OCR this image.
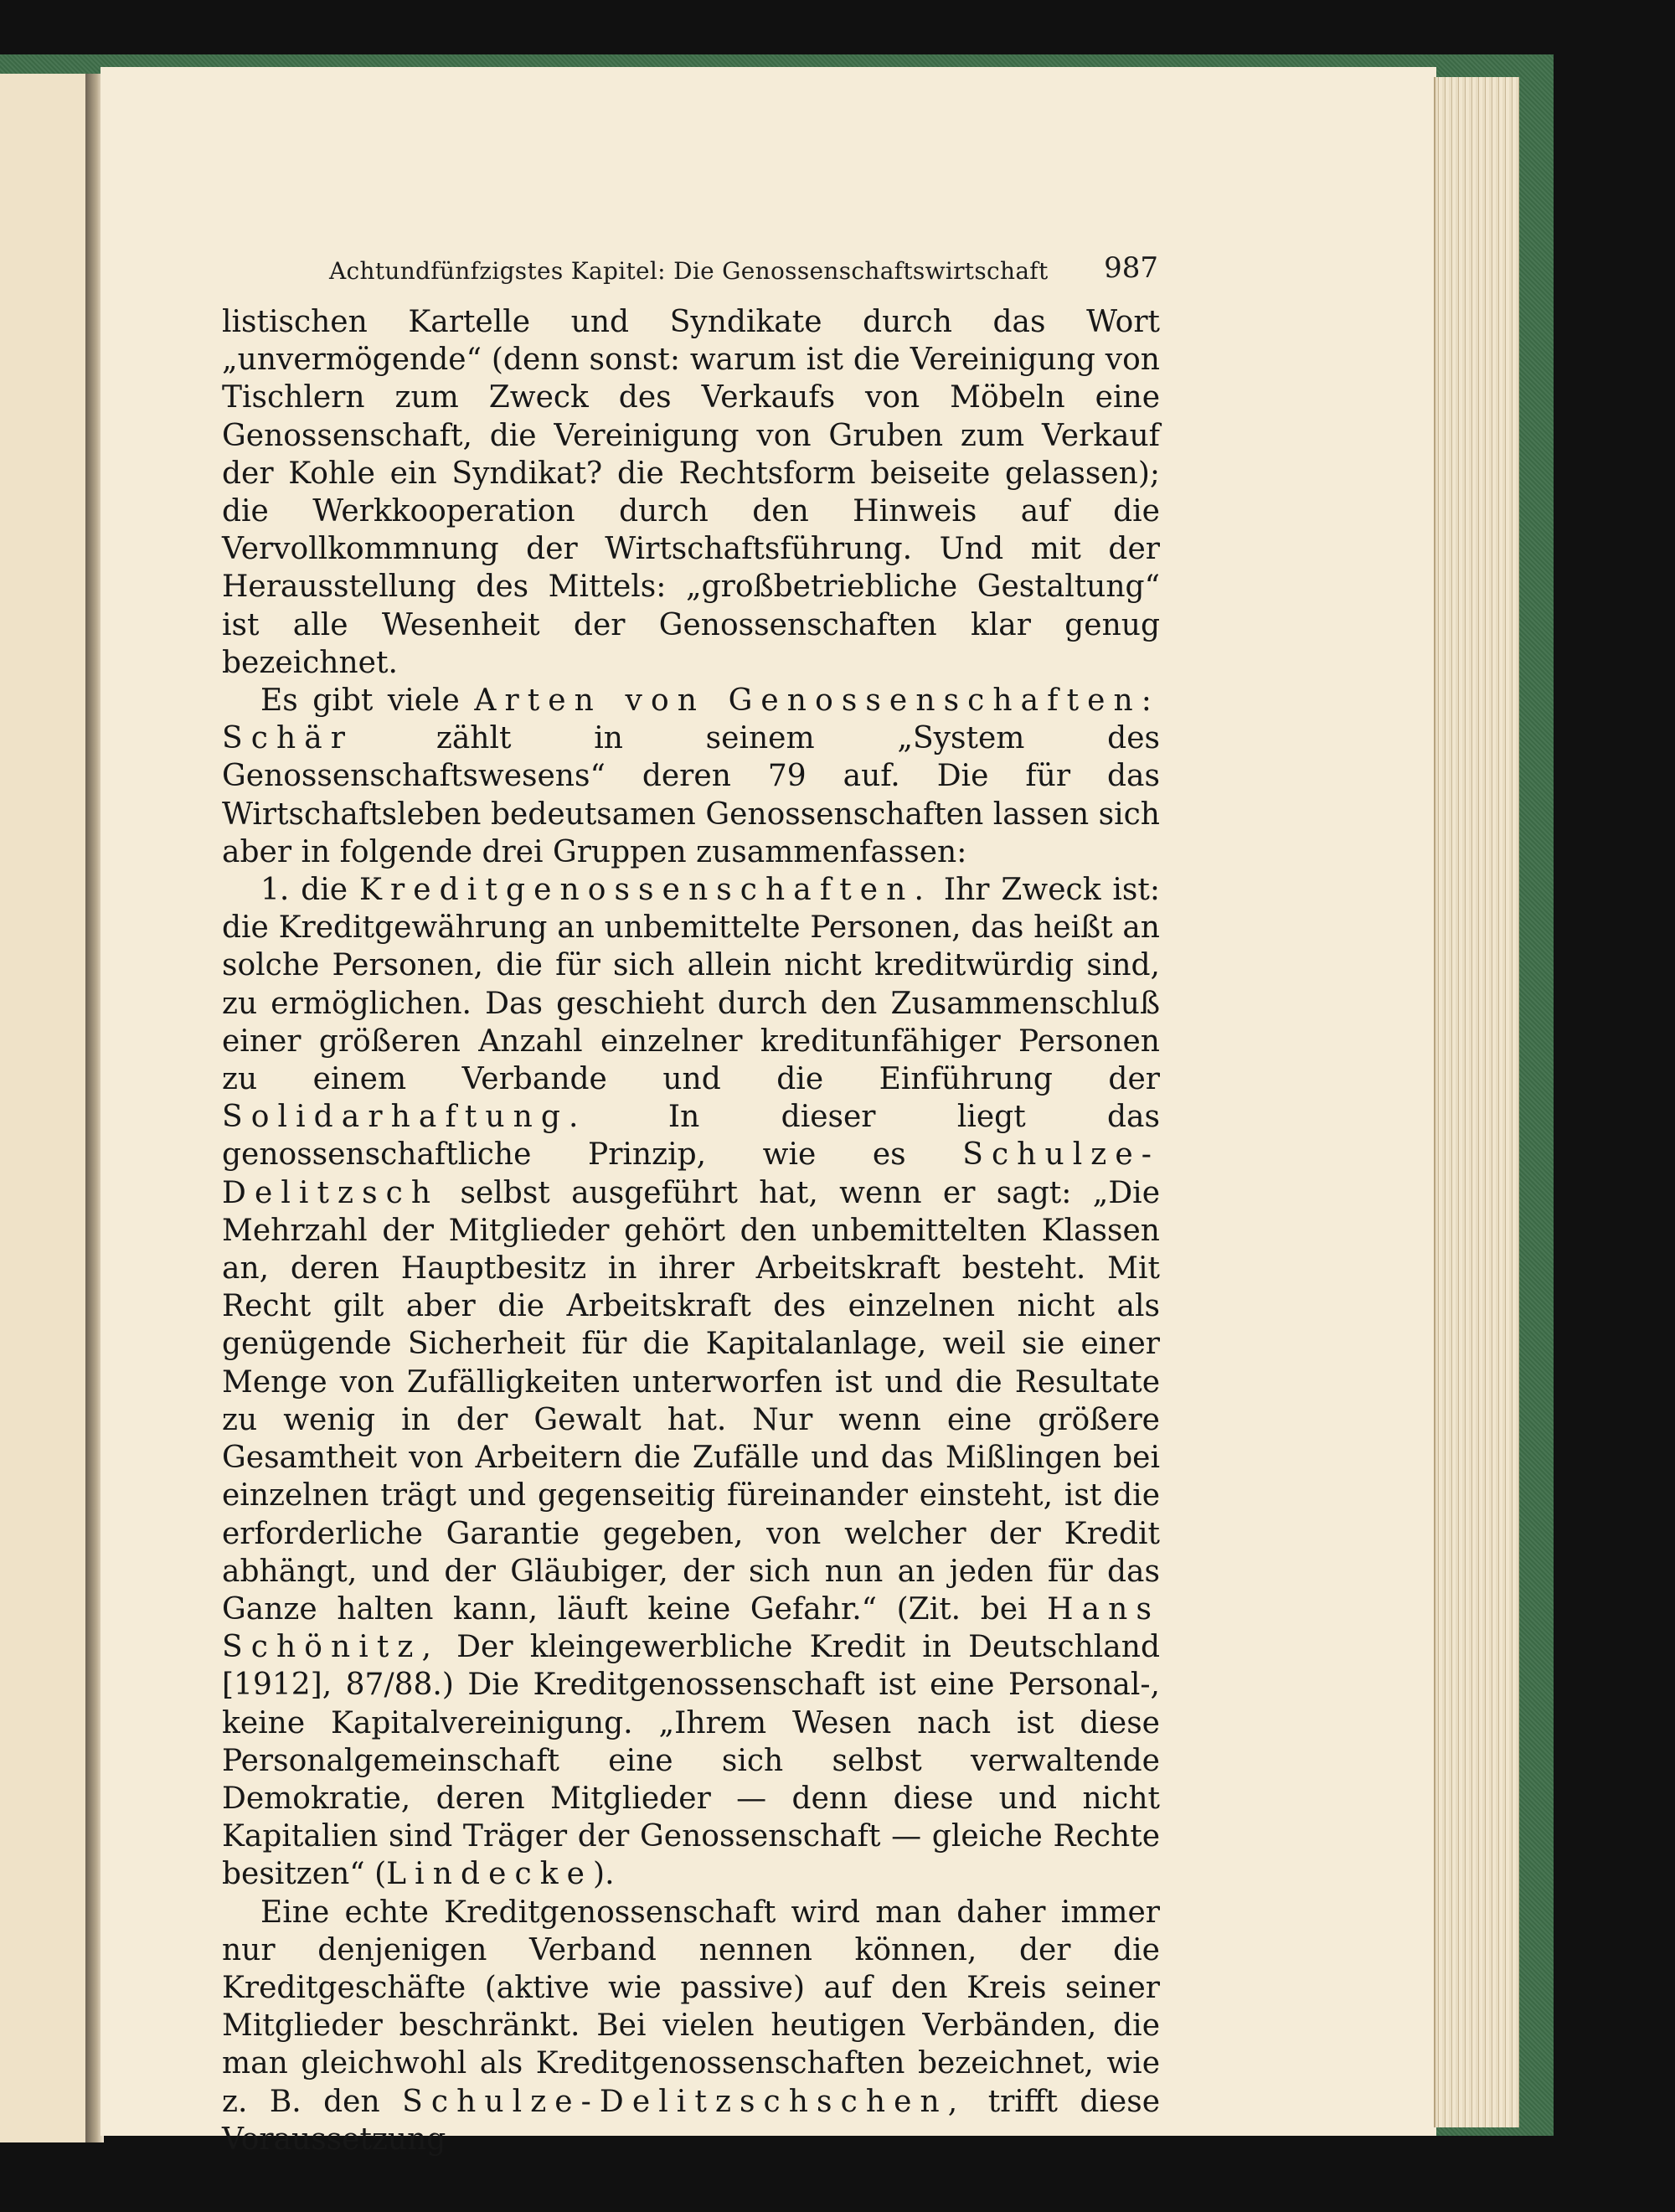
Achtundfünfzigstes Kapitel: Die Genossenschaftswirtschaft 987

listischen Kartelle und Syndikate durch das Wort „unvermögende“ (denn sonst: warum ist die Vereinigung von Tischlern zum Zweck des Verkaufs von Möbeln eine Genossenschaft, die Vereinigung von Gruben zum Verkauf der Kohle ein Syndikat? die Rechtsform beiseite gelassen); die Werkkooperation durch den Hinweis auf die Vervollkommnung der Wirtschaftsführung. Und mit der Herausstellung des Mittels: „großbetriebliche Gestaltung“ ist alle Wesenheit der Genossenschaften klar genug bezeichnet.

Es gibt viele Arten von Genossenschaften: Schär zählt in seinem „System des Genossenschaftswesens“ deren 79 auf. Die für das Wirtschaftsleben bedeutsamen Genossenschaften lassen sich aber in folgende drei Gruppen zusammenfassen:

1. die Kreditgenossenschaften. Ihr Zweck ist: die Kreditgewährung an unbemittelte Personen, das heißt an solche Personen, die für sich allein nicht kreditwürdig sind, zu ermöglichen. Das geschieht durch den Zusammenschluß einer größeren Anzahl einzelner kreditunfähiger Personen zu einem Verbande und die Einführung der Solidarhaftung. In dieser liegt das genossenschaftliche Prinzip, wie es Schulze-Delitzsch selbst ausgeführt hat, wenn er sagt: „Die Mehrzahl der Mitglieder gehört den unbemittelten Klassen an, deren Hauptbesitz in ihrer Arbeitskraft besteht. Mit Recht gilt aber die Arbeitskraft des einzelnen nicht als genügende Sicherheit für die Kapitalanlage, weil sie einer Menge von Zufälligkeiten unterworfen ist und die Resultate zu wenig in der Gewalt hat. Nur wenn eine größere Gesamtheit von Arbeitern die Zufälle und das Mißlingen bei einzelnen trägt und gegenseitig füreinander einsteht, ist die erforderliche Garantie gegeben, von welcher der Kredit abhängt, und der Gläubiger, der sich nun an jeden für das Ganze halten kann, läuft keine Gefahr.“ (Zit. bei Hans Schönitz, Der kleingewerbliche Kredit in Deutschland [1912], 87/88.) Die Kreditgenossenschaft ist eine Personal-, keine Kapitalvereinigung. „Ihrem Wesen nach ist diese Personalgemeinschaft eine sich selbst verwaltende Demokratie, deren Mitglieder — denn diese und nicht Kapitalien sind Träger der Genossenschaft — gleiche Rechte besitzen“ (Lindecke).

Eine echte Kreditgenossenschaft wird man daher immer nur denjenigen Verband nennen können, der die Kreditgeschäfte (aktive wie passive) auf den Kreis seiner Mitglieder beschränkt. Bei vielen heutigen Verbänden, die man gleichwohl als Kreditgenossenschaften bezeichnet, wie z. B. den Schulze-Delitzschschen, trifft diese Voraussetzung
